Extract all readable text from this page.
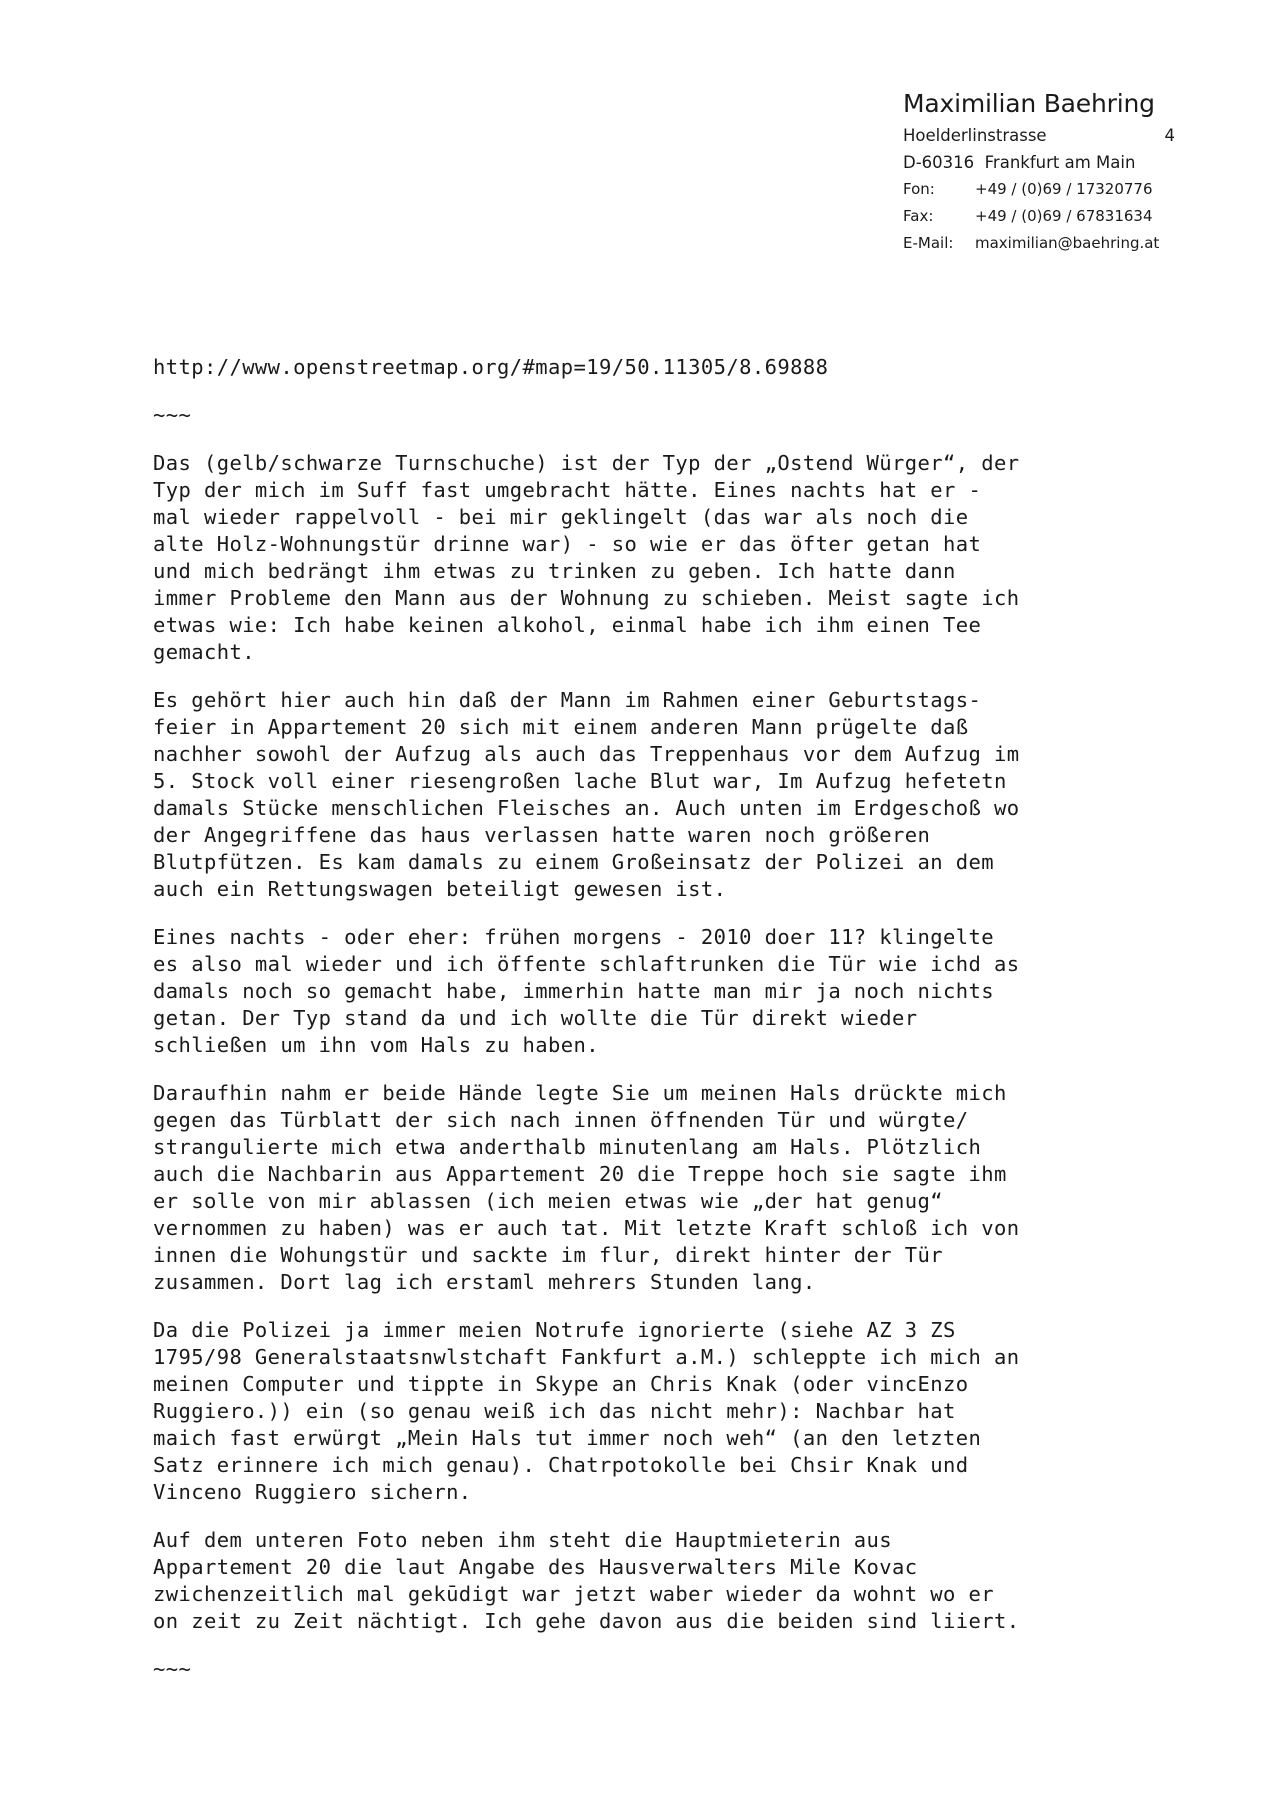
Maximilian Baehring
Hoelderlinstrasse	4
D-60316  Frankfurt am Main
Fon:	+49 / (0)69 / 17320776
Fax:	+49 / (0)69 / 67831634
E-Mail:	maximilian@baehring.at

http://www.openstreetmap.org/#map=19/50.11305/8.69888

~~~

Das (gelb/schwarze Turnschuche) ist der Typ der „Ostend Würger“, der
Typ der mich im Suff fast umgebracht hätte. Eines nachts hat er -
mal wieder rappelvoll - bei mir geklingelt (das war als noch die
alte Holz-Wohnungstür drinne war) - so wie er das öfter getan hat
und mich bedrängt ihm etwas zu trinken zu geben. Ich hatte dann
immer Probleme den Mann aus der Wohnung zu schieben. Meist sagte ich
etwas wie: Ich habe keinen alkohol, einmal habe ich ihm einen Tee
gemacht.

Es gehört hier auch hin daß der Mann im Rahmen einer Geburtstags-
feier in Appartement 20 sich mit einem anderen Mann prügelte daß
nachher sowohl der Aufzug als auch das Treppenhaus vor dem Aufzug im
5. Stock voll einer riesengroßen lache Blut war, Im Aufzug hefetetn
damals Stücke menschlichen Fleisches an. Auch unten im Erdgeschoß wo
der Angegriffene das haus verlassen hatte waren noch größeren
Blutpfützen. Es kam damals zu einem Großeinsatz der Polizei an dem
auch ein Rettungswagen beteiligt gewesen ist.

Eines nachts - oder eher: frühen morgens - 2010 doer 11? klingelte
es also mal wieder und ich öffente schlaftrunken die Tür wie ichd as
damals noch so gemacht habe, immerhin hatte man mir ja noch nichts
getan. Der Typ stand da und ich wollte die Tür direkt wieder
schließen um ihn vom Hals zu haben.

Daraufhin nahm er beide Hände legte Sie um meinen Hals drückte mich
gegen das Türblatt der sich nach innen öffnenden Tür und würgte/
strangulierte mich etwa anderthalb minutenlang am Hals. Plötzlich
auch die Nachbarin aus Appartement 20 die Treppe hoch sie sagte ihm
er solle von mir ablassen (ich meien etwas wie „der hat genug“
vernommen zu haben) was er auch tat. Mit letzte Kraft schloß ich von
innen die Wohungstür und sackte im flur, direkt hinter der Tür
zusammen. Dort lag ich erstaml mehrers Stunden lang.

Da die Polizei ja immer meien Notrufe ignorierte (siehe AZ 3 ZS
1795/98 Generalstaatsnwlstchaft Fankfurt a.M.) schleppte ich mich an
meinen Computer und tippte in Skype an Chris Knak (oder vincEnzo
Ruggiero.)) ein (so genau weiß ich das nicht mehr): Nachbar hat
maich fast erwürgt „Mein Hals tut immer noch weh“ (an den letzten
Satz erinnere ich mich genau). Chatrpotokolle bei Chsir Knak und
Vinceno Ruggiero sichern.

Auf dem unteren Foto neben ihm steht die Hauptmieterin aus
Appartement 20 die laut Angabe des Hausverwalters Mile Kovac
zwichenzeitlich mal gekūdigt war jetzt waber wieder da wohnt wo er
on zeit zu Zeit nächtigt. Ich gehe davon aus die beiden sind liiert.

~~~
